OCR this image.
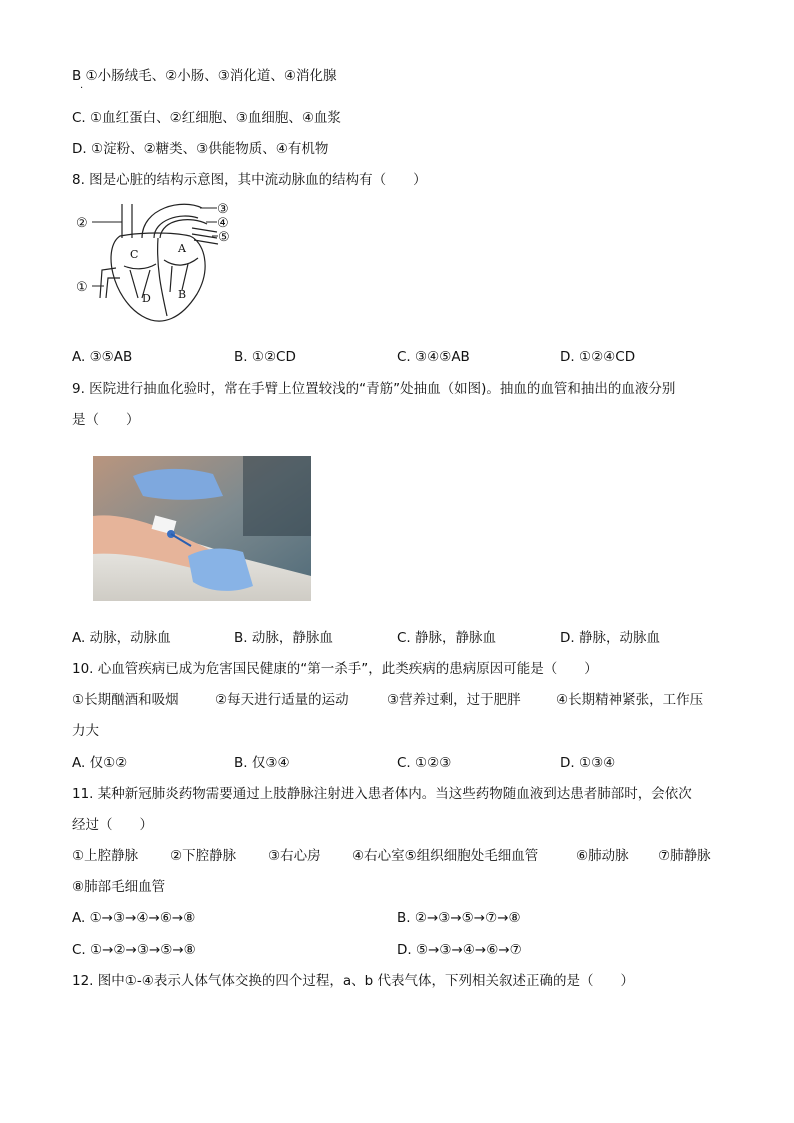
B ①小肠绒毛、②小肠、③消化道、④消化腺
·
C. ①血红蛋白、②红细胞、③血细胞、④血浆
D. ①淀粉、②糖类、③供能物质、④有机物
8. 图是心脏的结构示意图，其中流动脉血的结构有（　　）
②
①
③
④
⑤
C	A
D B
A. ③⑤AB	B. ①②CD	C. ③④⑤AB	D. ①②④CD
9. 医院进行抽血化验时，常在手臂上位置较浅的“青筋”处抽血（如图)。抽血的血管和抽出的血液分别
是（　　）
A. 动脉，动脉血	B. 动脉，静脉血	C. 静脉，静脉血	D. 静脉，动脉血
10. 心血管疾病已成为危害国民健康的“第一杀手”，此类疾病的患病原因可能是（　　）
①长期酗酒和吸烟	②每天进行适量的运动	③营养过剩，过于肥胖	④长期精神紧张，工作压
力大
A. 仅①②	B. 仅③④	C. ①②③	D. ①③④
11. 某种新冠肺炎药物需要通过上肢静脉注射进入患者体内。当这些药物随血液到达患者肺部时，会依次
经过（　　）
①上腔静脉 ②下腔静脉 ③右心房 ④右心室⑤组织细胞处毛细血管	⑥肺动脉 ⑦肺静脉
⑧肺部毛细血管
A. ①→③→④→⑥→⑧	B. ②→③→⑤→⑦→⑧
C. ①→②→③→⑤→⑧	D. ⑤→③→④→⑥→⑦
12. 图中①-④表示人体气体交换的四个过程，a、b 代表气体，下列相关叙述正确的是（　　）
